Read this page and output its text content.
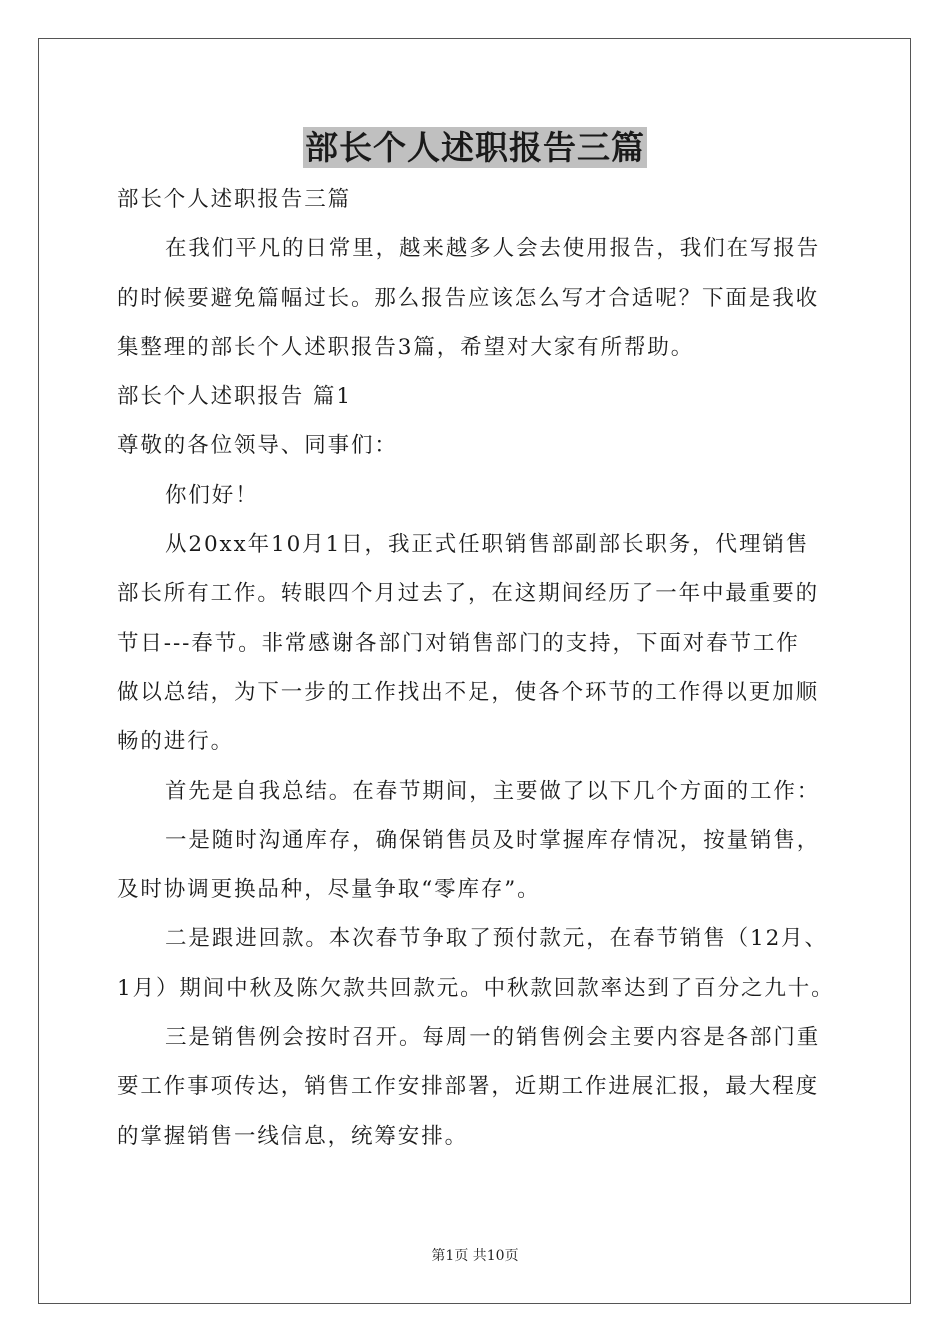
部长个人述职报告三篇
部长个人述职报告三篇
在我们平凡的日常里，越来越多人会去使用报告，我们在写报告
的时候要避免篇幅过长。那么报告应该怎么写才合适呢？下面是我收
集整理的部长个人述职报告3篇，希望对大家有所帮助。
部长个人述职报告 篇1
尊敬的各位领导、同事们：
你们好！
从20xx年10月1日，我正式任职销售部副部长职务，代理销售
部长所有工作。转眼四个月过去了，在这期间经历了一年中最重要的
节日---春节。非常感谢各部门对销售部门的支持，下面对春节工作
做以总结，为下一步的工作找出不足，使各个环节的工作得以更加顺
畅的进行。
首先是自我总结。在春节期间，主要做了以下几个方面的工作：
一是随时沟通库存，确保销售员及时掌握库存情况，按量销售，
及时协调更换品种，尽量争取“零库存”。
二是跟进回款。本次春节争取了预付款元，在春节销售（12月、
1月）期间中秋及陈欠款共回款元。中秋款回款率达到了百分之九十。
三是销售例会按时召开。每周一的销售例会主要内容是各部门重
要工作事项传达，销售工作安排部署，近期工作进展汇报，最大程度
的掌握销售一线信息，统筹安排。
第1页 共10页
